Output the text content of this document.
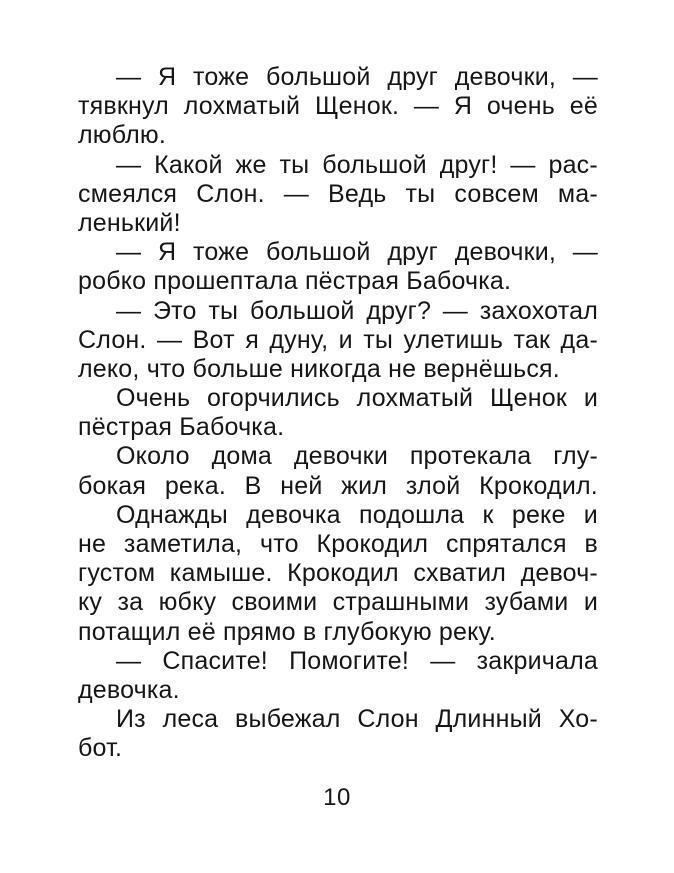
— Я тоже большой друг девочки, —
тявкнул лохматый Щенок. — Я очень её
люблю.
— Какой же ты большой друг! — рас-
смеялся Слон. — Ведь ты совсем ма-
ленький!
— Я тоже большой друг девочки, —
робко прошептала пёстрая Бабочка.
— Это ты большой друг? — захохотал
Слон. — Вот я дуну, и ты улетишь так да-
леко, что больше никогда не вернёшься.
Очень огорчились лохматый Щенок и
пёстрая Бабочка.
Около дома девочки протекала глу-
бокая река. В ней жил злой Крокодил.
Однажды девочка подошла к реке и
не заметила, что Крокодил спрятался в
густом камыше. Крокодил схватил девоч-
ку за юбку своими страшными зубами и
потащил её прямо в глубокую реку.
— Спасите! Помогите! — закричала
девочка.
Из леса выбежал Слон Длинный Хо-
бот.
10
